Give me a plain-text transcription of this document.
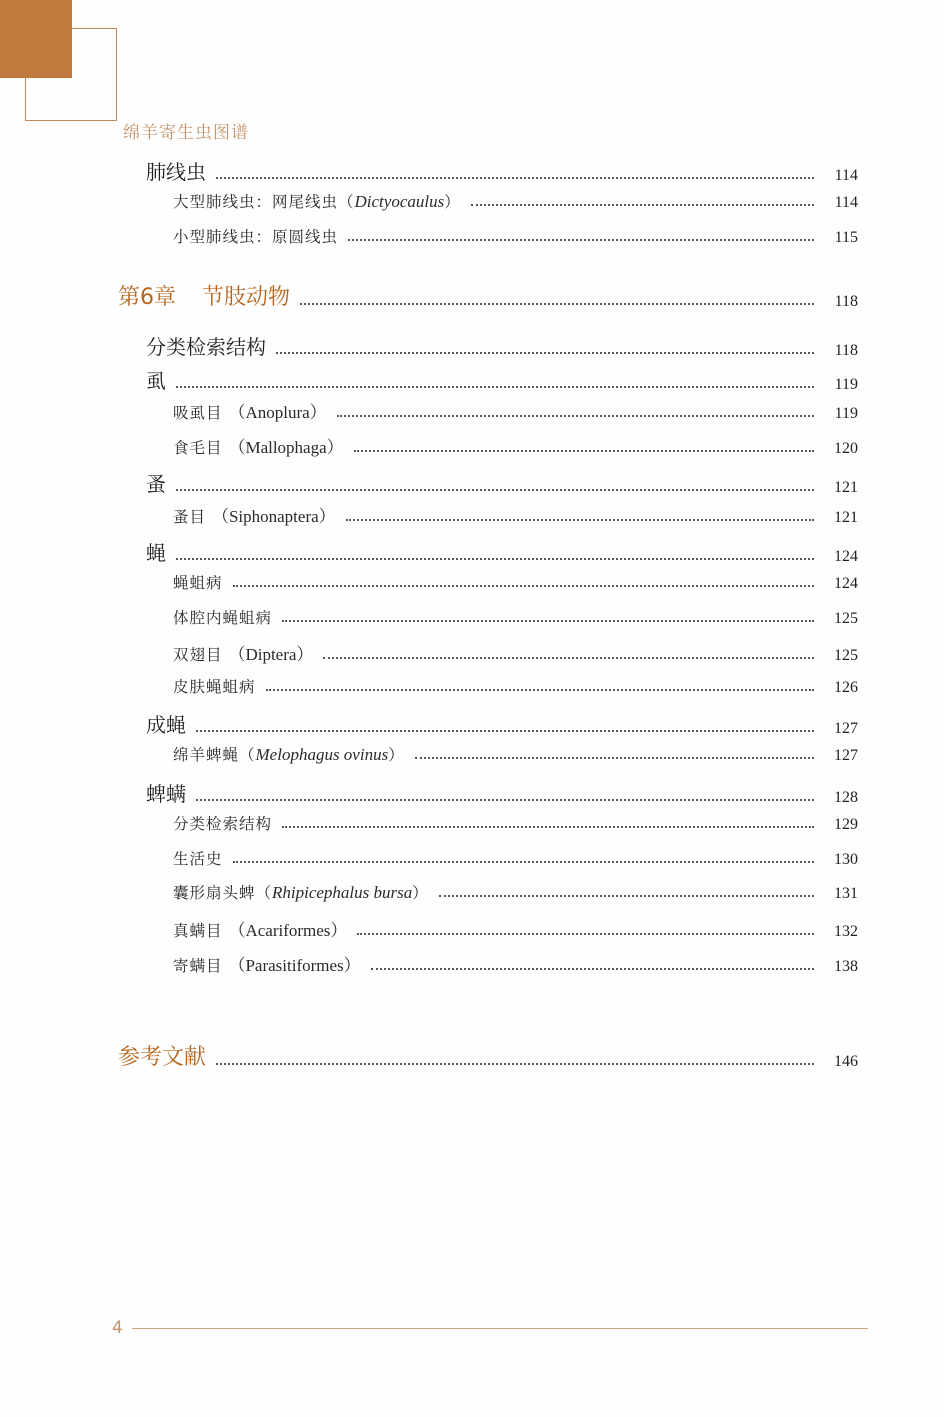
绵羊寄生虫图谱
肺线虫	114
大型肺线虫：网尾线虫（Dictyocaulus）	114
小型肺线虫：原圆线虫	115
第6章 节肢动物	118
分类检索结构	118
虱	119
吸虱目 （Anoplura）	119
食毛目 （Mallophaga）	120
蚤	121
蚤目 （Siphonaptera）	121
蝇	124
蝇蛆病	124
体腔内蝇蛆病	125
双翅目 （Diptera）	125
皮肤蝇蛆病	126
成蝇	127
绵羊蜱蝇（Melophagus ovinus）	127
蜱螨	128
分类检索结构	129
生活史	130
囊形扇头蜱（Rhipicephalus bursa）	131
真螨目 （Acariformes）	132
寄螨目 （Parasitiformes）	138
参考文献	146
4
